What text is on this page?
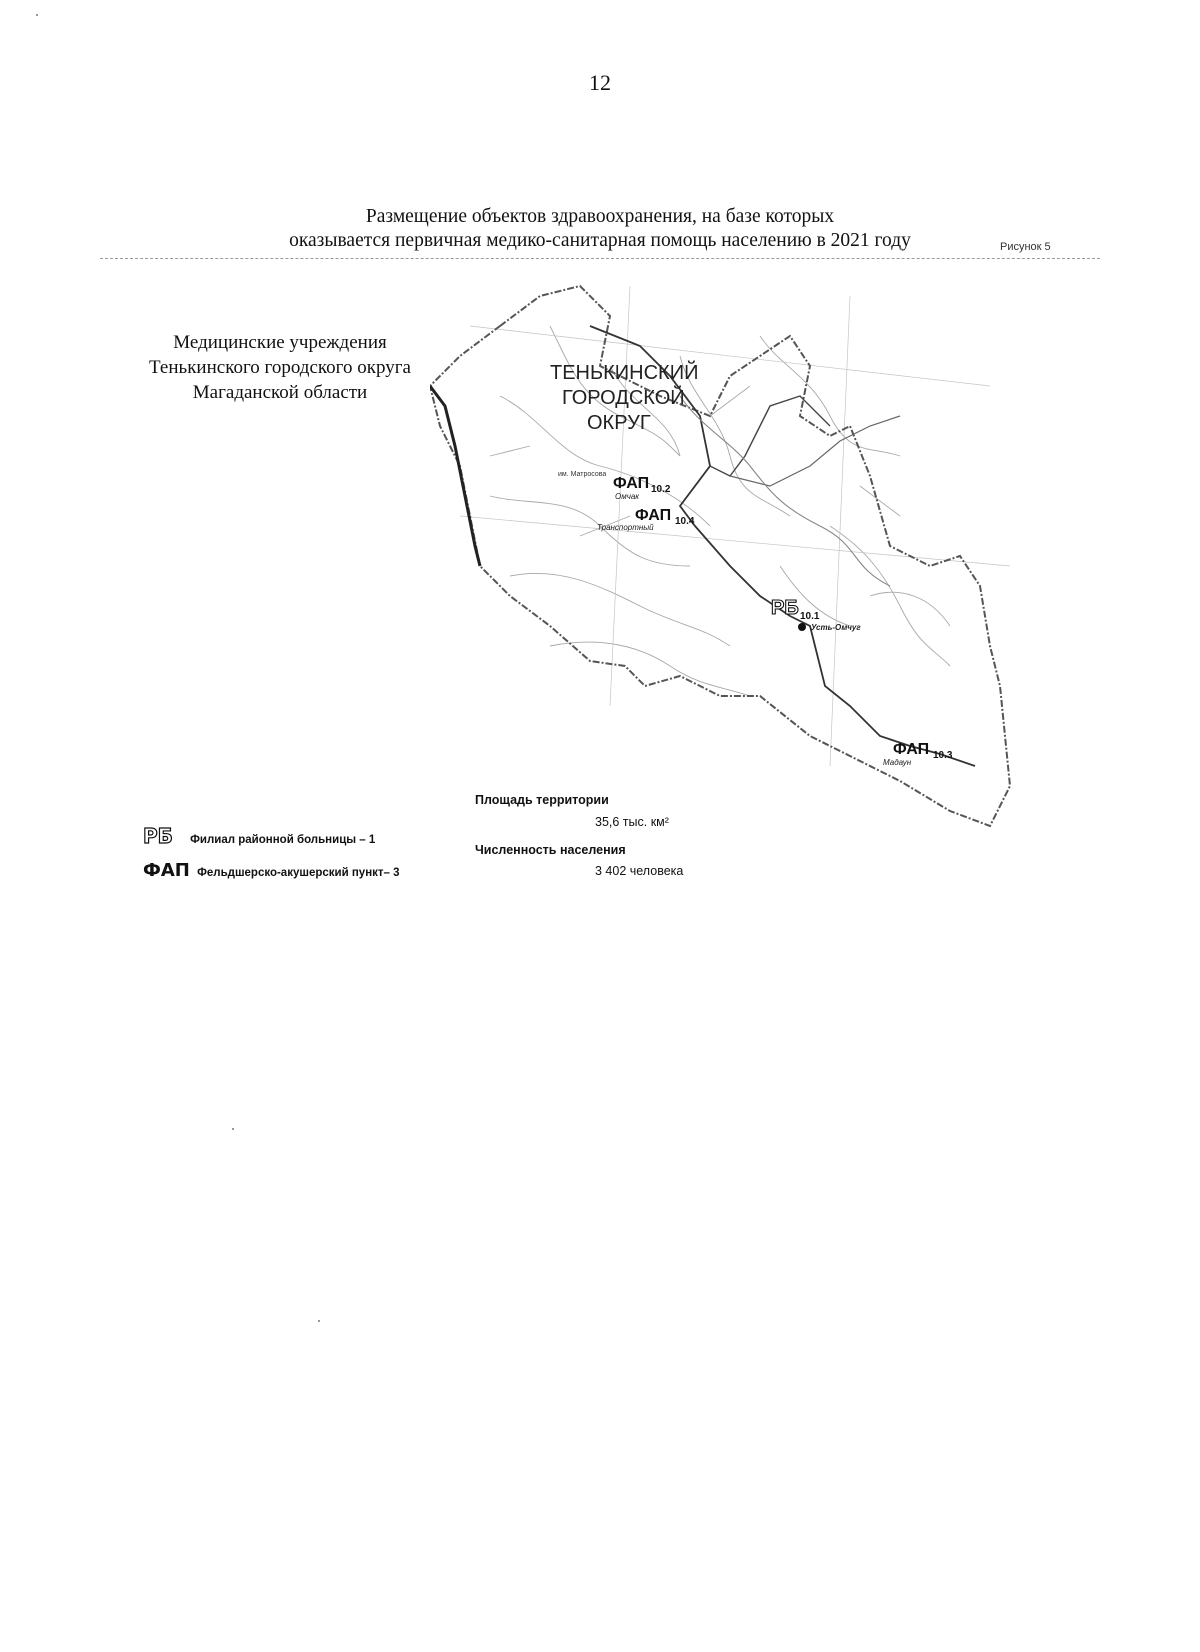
12
Размещение объектов здравоохранения, на базе которых
оказывается первичная медико-санитарная помощь населению в 2021 году	Рисунок 5
Медицинские учреждения
Тенькинского городского округа
Магаданской области
ТЕНЬКИНСКИЙ
ГОРОДСКОЙ
ОКРУГ
им. Матросова
ФАП 10.2
Омчак
ФАП 10.4
Транспортный
РБ 10.1
Усть-Омчуг
ФАП 10.3
Мадаун
РБ Филиал районной больницы – 1
ФАП Фельдшерско-акушерский пункт– 3
Площадь территории
35,6 тыс. км²
Численность населения
3 402 человека
